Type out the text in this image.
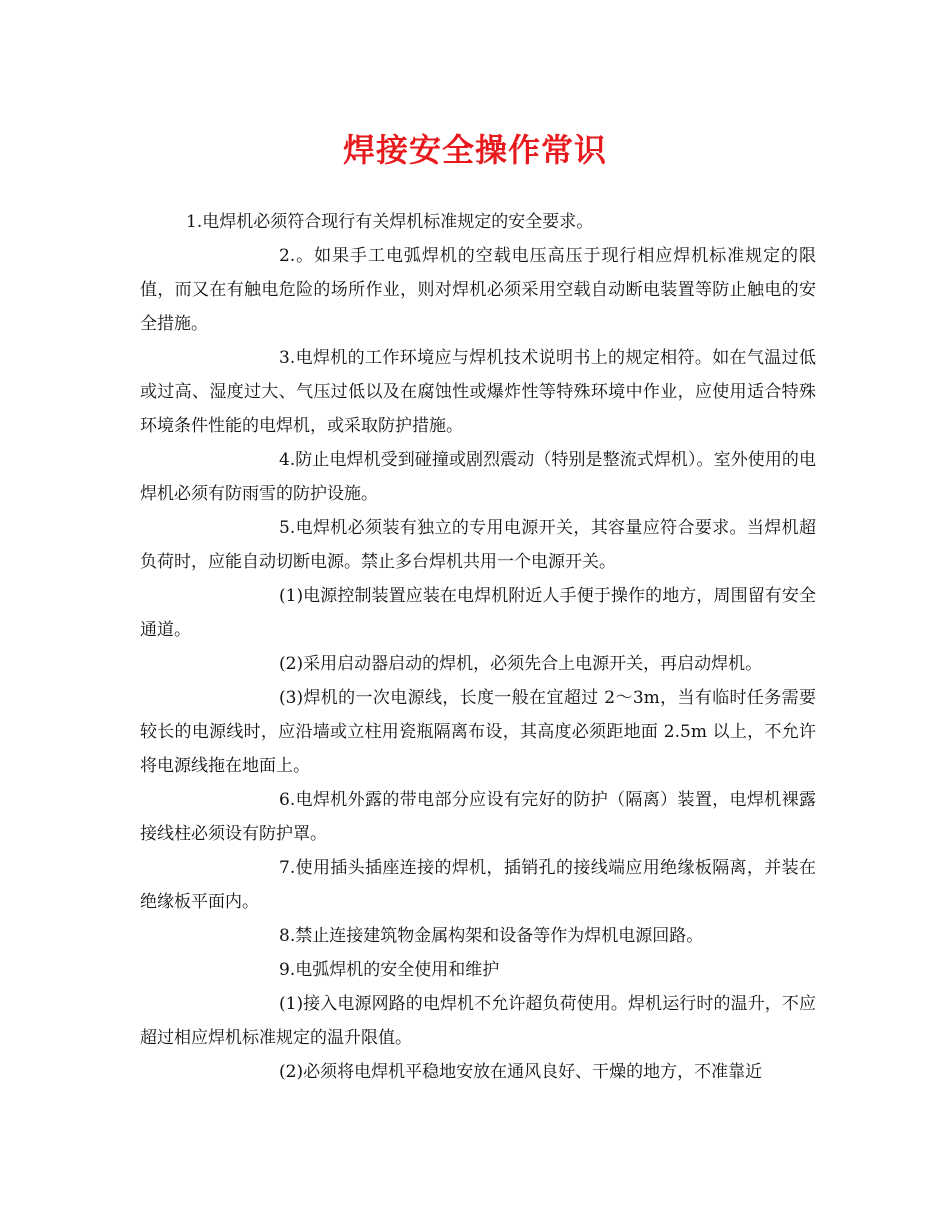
焊接安全操作常识

1.电焊机必须符合现行有关焊机标准规定的安全要求。

2.。如果手工电弧焊机的空载电压高压于现行相应焊机标准规定的限值，而又在有触电危险的场所作业，则对焊机必须采用空载自动断电装置等防止触电的安全措施。

3.电焊机的工作环境应与焊机技术说明书上的规定相符。如在气温过低或过高、湿度过大、气压过低以及在腐蚀性或爆炸性等特殊环境中作业，应使用适合特殊环境条件性能的电焊机，或采取防护措施。

4.防止电焊机受到碰撞或剧烈震动（特别是整流式焊机）。室外使用的电焊机必须有防雨雪的防护设施。

5.电焊机必须装有独立的专用电源开关，其容量应符合要求。当焊机超负荷时，应能自动切断电源。禁止多台焊机共用一个电源开关。

(1)电源控制装置应装在电焊机附近人手便于操作的地方，周围留有安全通道。

(2)采用启动器启动的焊机，必须先合上电源开关，再启动焊机。

(3)焊机的一次电源线，长度一般在宜超过 2～3m，当有临时任务需要较长的电源线时，应沿墙或立柱用瓷瓶隔离布设，其高度必须距地面 2.5m 以上，不允许将电源线拖在地面上。

6.电焊机外露的带电部分应设有完好的防护（隔离）装置，电焊机裸露接线柱必须设有防护罩。

7.使用插头插座连接的焊机，插销孔的接线端应用绝缘板隔离，并装在绝缘板平面内。

8.禁止连接建筑物金属构架和设备等作为焊机电源回路。

9.电弧焊机的安全使用和维护

(1)接入电源网路的电焊机不允许超负荷使用。焊机运行时的温升，不应超过相应焊机标准规定的温升限值。

(2)必须将电焊机平稳地安放在通风良好、干燥的地方，不准靠近
